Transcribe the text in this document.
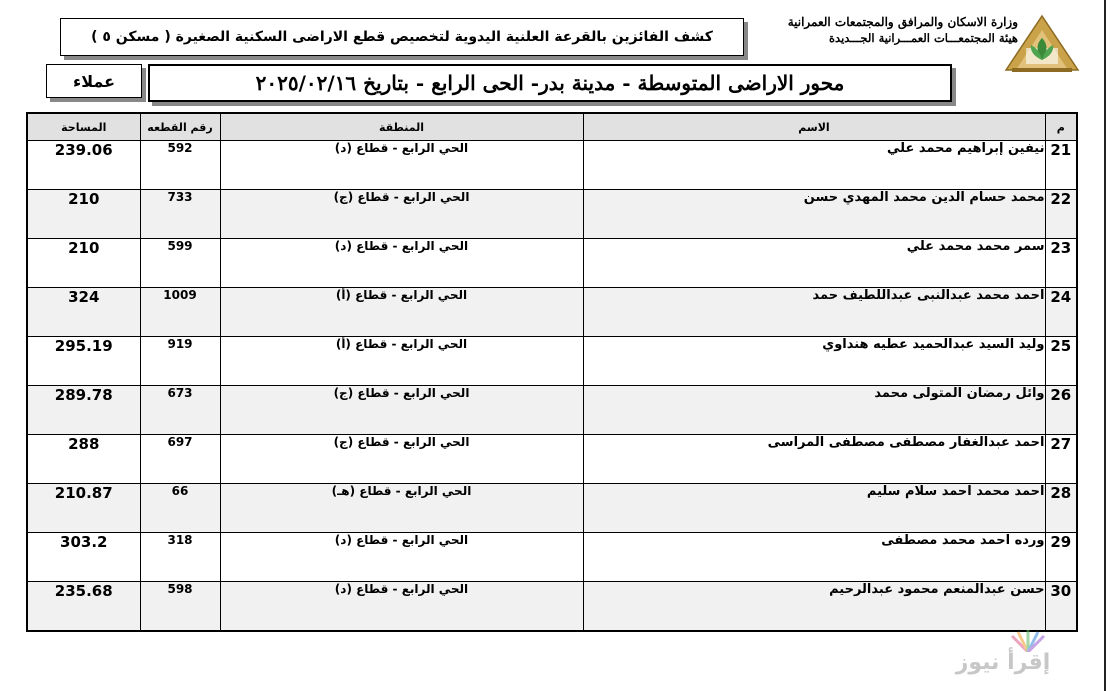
وزارة الاسكان والمرافق والمجتمعات العمرانية
هيئة المجتمعـــات العمـــرانية الجـــديدة
كشف الفائزين بالقرعة العلنية اليدوية لتخصيص قطع الاراضى السكنية الصغيرة ( مسكن ٥ )
محور الاراضى المتوسطة - مدينة بدر- الحى الرابع - بتاريخ ٢٠٢٥/٠٢/١٦
عملاء
المساحة	رقم القطعه	المنطقة	الاسم	م
239.06	592	الحي الرابع - قطاع (د)	نيفين إبراهيم محمد علي	21
210	733	الحي الرابع - قطاع (ج)	محمد حسام الدين محمد المهدي حسن	22
210	599	الحي الرابع - قطاع (د)	سمر محمد محمد علي	23
324	1009	الحي الرابع - قطاع (أ)	احمد محمد عبدالنبى عبداللطيف حمد	24
295.19	919	الحي الرابع - قطاع (أ)	وليد السيد عبدالحميد عطيه هنداوي	25
289.78	673	الحي الرابع - قطاع (ج)	وائل رمضان المتولى محمد	26
288	697	الحي الرابع - قطاع (ج)	احمد عبدالغفار مصطفى مصطفى المراسى	27
210.87	66	الحي الرابع - قطاع (هـ)	احمد محمد احمد سلام سليم	28
303.2	318	الحي الرابع - قطاع (د)	ورده احمد محمد مصطفى	29
235.68	598	الحي الرابع - قطاع (د)	حسن عبدالمنعم محمود عبدالرحيم	30
إقرأ نيوز
